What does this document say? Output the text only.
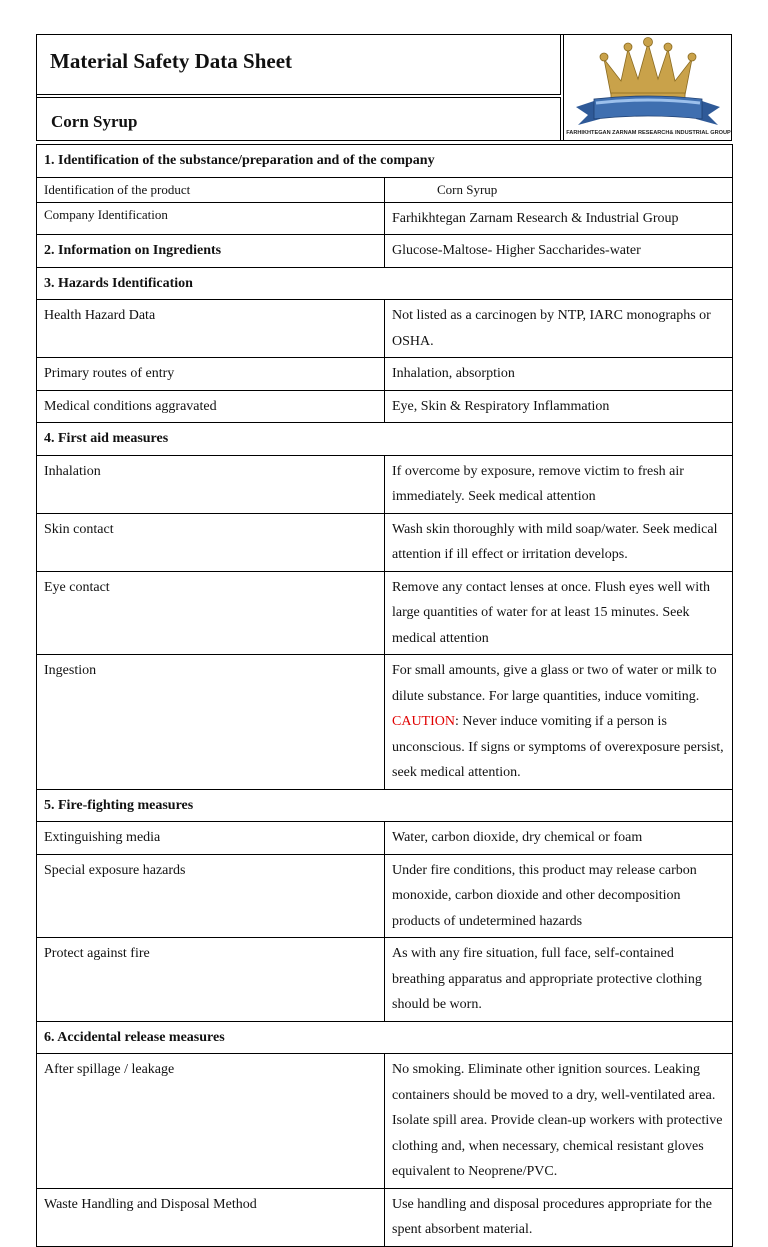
Material Safety Data Sheet
Corn Syrup
FARHIKHTEGAN ZARNAM RESEARCH& INDUSTRIAL GROUP
1. Identification of the substance/preparation and of the company	
Identification of the product	Corn Syrup
Company Identification	Farhikhtegan Zarnam Research & Industrial Group
2. Information on Ingredients	Glucose-Maltose- Higher Saccharides-water
3. Hazards Identification	
Health Hazard Data	Not listed as a carcinogen by NTP, IARC monographs or OSHA.
Primary routes of entry	Inhalation, absorption
Medical conditions aggravated	Eye, Skin & Respiratory Inflammation
4. First aid measures	
Inhalation	If overcome by exposure, remove victim to fresh air immediately. Seek medical attention
Skin contact	Wash skin thoroughly with mild soap/water. Seek medical attention if ill effect or irritation develops.
Eye contact	Remove any contact lenses at once. Flush eyes well with large quantities of water for at least 15 minutes. Seek medical attention
Ingestion	For small amounts, give a glass or two of water or milk to dilute substance. For large quantities, induce vomiting.
CAUTION: Never induce vomiting if a person is unconscious. If signs or symptoms of overexposure persist, seek medical attention.
5. Fire-fighting measures	
Extinguishing media	Water, carbon dioxide, dry chemical or foam
Special exposure hazards	Under fire conditions, this product may release carbon monoxide, carbon dioxide and other decomposition products of undetermined hazards
Protect against fire	As with any fire situation, full face, self-contained breathing apparatus and appropriate protective clothing should be worn.
6. Accidental release measures	
After spillage / leakage	No smoking. Eliminate other ignition sources. Leaking containers should be moved to a dry, well-ventilated area. Isolate spill area. Provide clean-up workers with protective clothing and, when necessary, chemical resistant gloves equivalent to Neoprene/PVC.
Waste Handling and Disposal Method	Use handling and disposal procedures appropriate for the spent absorbent material.
